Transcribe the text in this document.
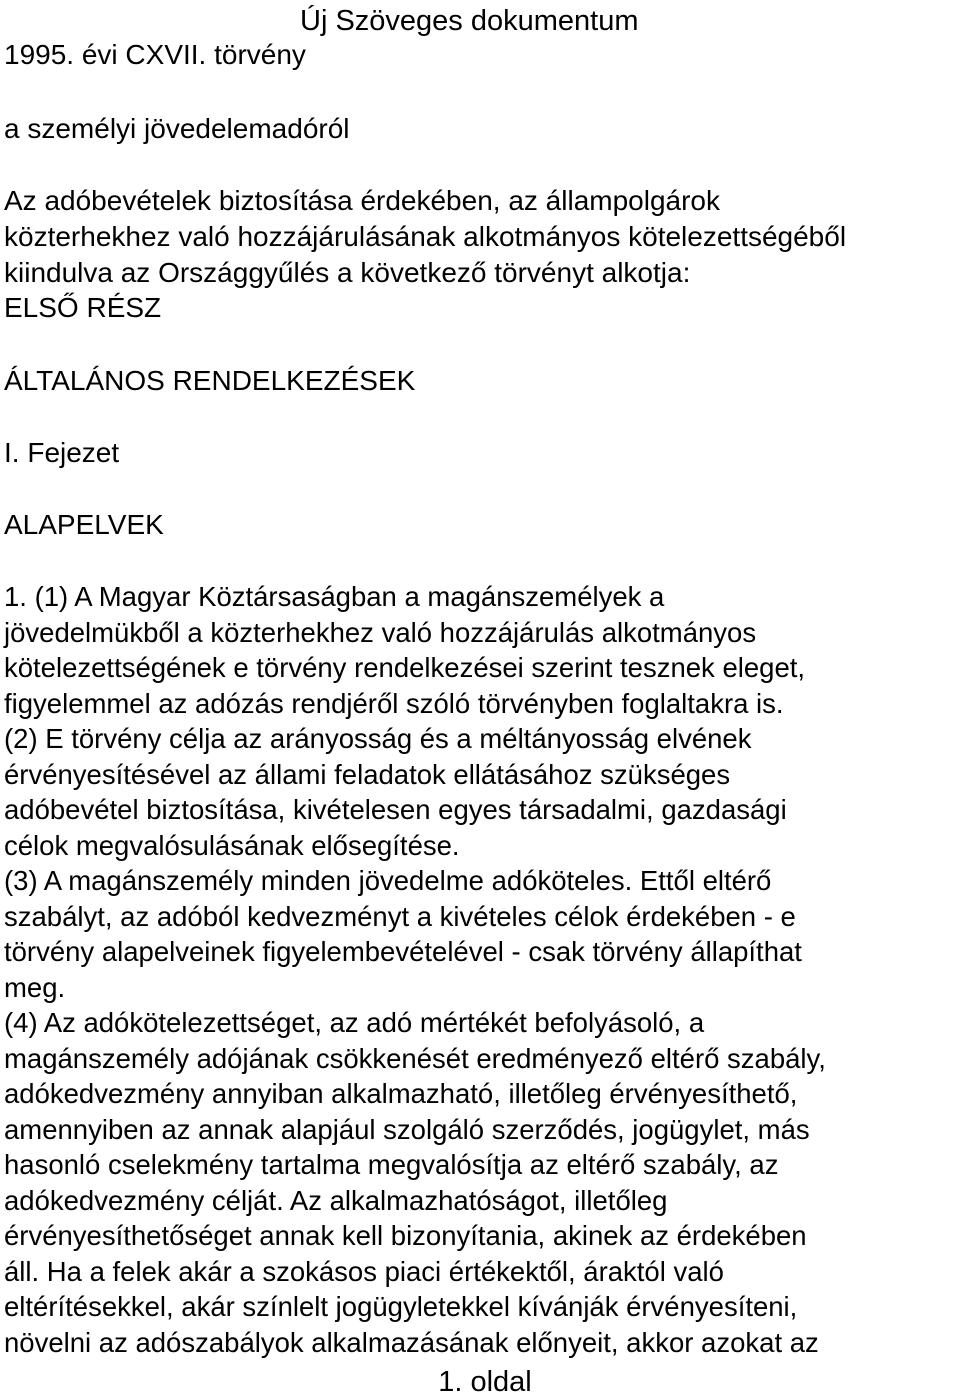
Új Szöveges dokumentum
1995. évi CXVII. törvény
a személyi jövedelemadóról
Az adóbevételek biztosítása érdekében, az állampolgárok
közterhekhez való hozzájárulásának alkotmányos kötelezettségéből
kiindulva az Országgyűlés a következő törvényt alkotja:
ELSŐ RÉSZ
ÁLTALÁNOS RENDELKEZÉSEK
I. Fejezet
ALAPELVEK

1. (1) A Magyar Köztársaságban a magánszemélyek a

jövedelmükből a közterhekhez való hozzájárulás alkotmányos

kötelezettségének e törvény rendelkezései szerint tesznek eleget,

figyelemmel az adózás rendjéről szóló törvényben foglaltakra is.

(2) E törvény célja az arányosság és a méltányosság elvének

érvényesítésével az állami feladatok ellátásához szükséges

adóbevétel biztosítása, kivételesen egyes társadalmi, gazdasági

célok megvalósulásának elősegítése.

(3) A magánszemély minden jövedelme adóköteles. Ettől eltérő

szabályt, az adóból kedvezményt a kivételes célok érdekében - e

törvény alapelveinek figyelembevételével - csak törvény állapíthat

meg.

(4) Az adókötelezettséget, az adó mértékét befolyásoló, a

magánszemély adójának csökkenését eredményező eltérő szabály,

adókedvezmény annyiban alkalmazható, illetőleg érvényesíthető,

amennyiben az annak alapjául szolgáló szerződés, jogügylet, más

hasonló cselekmény tartalma megvalósítja az eltérő szabály, az

adókedvezmény célját. Az alkalmazhatóságot, illetőleg

érvényesíthetőséget annak kell bizonyítania, akinek az érdekében

áll. Ha a felek akár a szokásos piaci értékektől, áraktól való

eltérítésekkel, akár színlelt jogügyletekkel kívánják érvényesíteni,

növelni az adószabályok alkalmazásának előnyeit, akkor azokat az

1. oldal
